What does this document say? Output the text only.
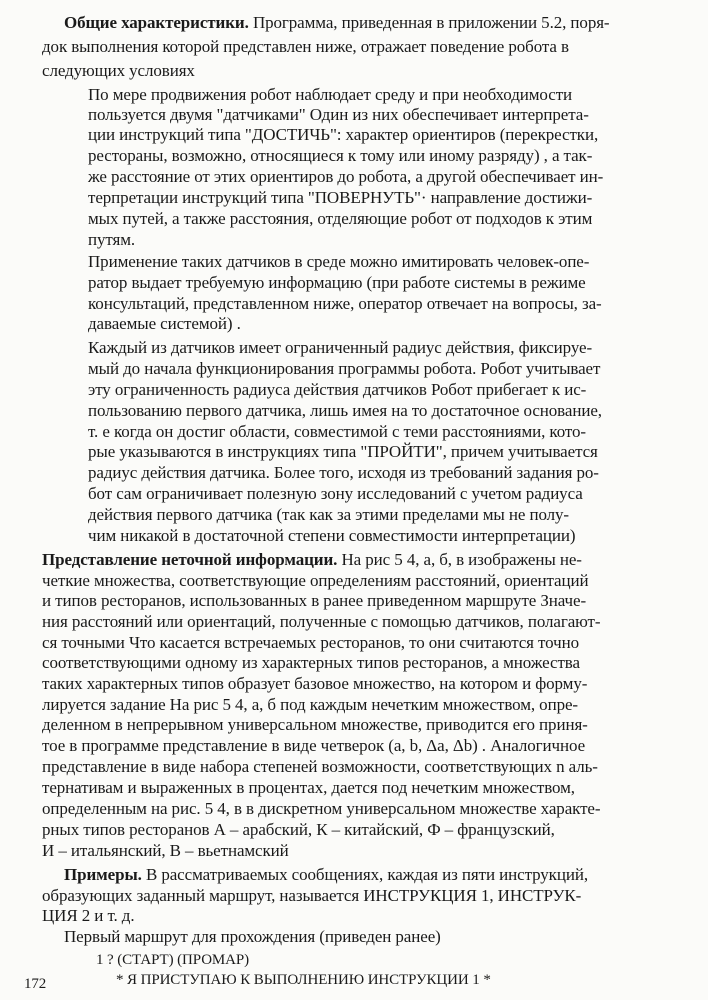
Общие характеристики. Программа, приведенная в приложении 5.2, поря-
док выполнения которой представлен ниже, отражает поведение робота в
следующих условиях
По мере продвижения робот наблюдает среду и при необходимости
пользуется двумя "датчиками" Один из них обеспечивает интерпрета-
ции инструкций типа "ДОСТИЧЬ": характер ориентиров (перекрестки,
рестораны, возможно, относящиеся к тому или иному разряду) , а так-
же расстояние от этих ориентиров до робота, а другой обеспечивает ин-
терпретации инструкций типа "ПОВЕРНУТЬ"· направление достижи-
мых путей, а также расстояния, отделяющие робот от подходов к этим
путям.
Применение таких датчиков в среде можно имитировать человек-опе-
ратор выдает требуемую информацию (при работе системы в режиме
консультаций, представленном ниже, оператор отвечает на вопросы, за-
даваемые системой) .
Каждый из датчиков имеет ограниченный радиус действия, фиксируе-
мый до начала функционирования программы робота. Робот учитывает
эту ограниченность радиуса действия датчиков Робот прибегает к ис-
пользованию первого датчика, лишь имея на то достаточное основание,
т. е когда он достиг области, совместимой с теми расстояниями, кото-
рые указываются в инструкциях типа "ПРОЙТИ", причем учитывается
радиус действия датчика. Более того, исходя из требований задания ро-
бот сам ограничивает полезную зону исследований с учетом радиуса
действия первого датчика (так как за этими пределами мы не полу-
чим никакой в достаточной степени совместимости интерпретации)
Представление неточной информации. На рис 5 4, а, б, в изображены не-
четкие множества, соответствующие определениям расстояний, ориентаций
и типов ресторанов, использованных в ранее приведенном маршруте Значе-
ния расстояний или ориентаций, полученные с помощью датчиков, полагают-
ся точными Что касается встречаемых ресторанов, то они считаются точно
соответствующими одному из характерных типов ресторанов, а множества
таких характерных типов образует базовое множество, на котором и форму-
лируется задание На рис 5 4, а, б под каждым нечетким множеством, опре-
деленном в непрерывном универсальном множестве, приводится его приня-
тое в программе представление в виде четверок (a, b, Δa, Δb) . Аналогичное
представление в виде набора степеней возможности, соответствующих n аль-
тернативам и выраженных в процентах, дается под нечетким множеством,
определенным на рис. 5 4, в в дискретном универсальном множестве характе-
рных типов ресторанов А – арабский, К – китайский, Ф – французский,
И – итальянский, В – вьетнамский
Примеры. В рассматриваемых сообщениях, каждая из пяти инструкций,
образующих заданный маршрут, называется ИНСТРУКЦИЯ 1, ИНСТРУК-
ЦИЯ 2 и т. д.
172
Первый маршрут для прохождения (приведен ранее)
1 ? (СТАРТ) (ПРОМАР)
* Я ПРИСТУПАЮ К ВЫПОЛНЕНИЮ ИНСТРУКЦИИ 1 *
